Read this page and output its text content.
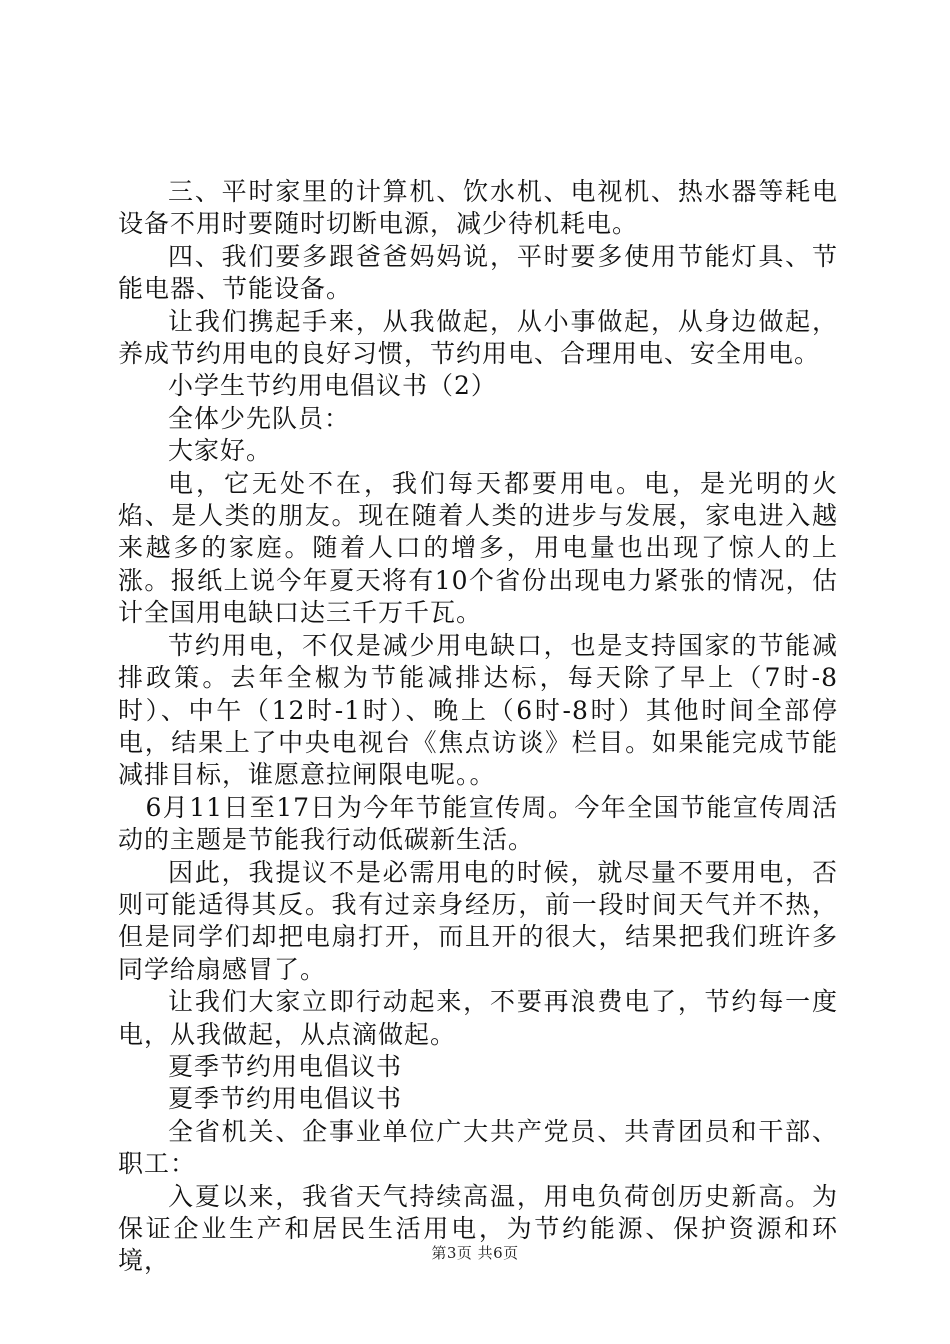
三、平时家里的计算机、饮水机、电视机、热水器等耗电设备不用时要随时切断电源，减少待机耗电。

四、我们要多跟爸爸妈妈说，平时要多使用节能灯具、节能电器、节能设备。

让我们携起手来，从我做起，从小事做起，从身边做起，养成节约用电的良好习惯，节约用电、合理用电、安全用电。

小学生节约用电倡议书（2）

全体少先队员：

大家好。

电，它无处不在，我们每天都要用电。电，是光明的火焰、是人类的朋友。现在随着人类的进步与发展，家电进入越来越多的家庭。随着人口的增多，用电量也出现了惊人的上涨。报纸上说今年夏天将有10个省份出现电力紧张的情况，估计全国用电缺口达三千万千瓦。

节约用电，不仅是减少用电缺口，也是支持国家的节能减排政策。去年全椒为节能减排达标，每天除了早上（7时-8时）、中午（12时-1时）、晚上（6时-8时）其他时间全部停电，结果上了中央电视台《焦点访谈》栏目。如果能完成节能减排目标，谁愿意拉闸限电呢。。

6月11日至17日为今年节能宣传周。今年全国节能宣传周活动的主题是节能我行动低碳新生活。

因此，我提议不是必需用电的时候，就尽量不要用电，否则可能适得其反。我有过亲身经历，前一段时间天气并不热，但是同学们却把电扇打开，而且开的很大，结果把我们班许多同学给扇感冒了。

让我们大家立即行动起来，不要再浪费电了，节约每一度电，从我做起，从点滴做起。

夏季节约用电倡议书

夏季节约用电倡议书

全省机关、企事业单位广大共产党员、共青团员和干部、职工：

入夏以来，我省天气持续高温，用电负荷创历史新高。为保证企业生产和居民生活用电，为节约能源、保护资源和环境，	第3页 共6页
